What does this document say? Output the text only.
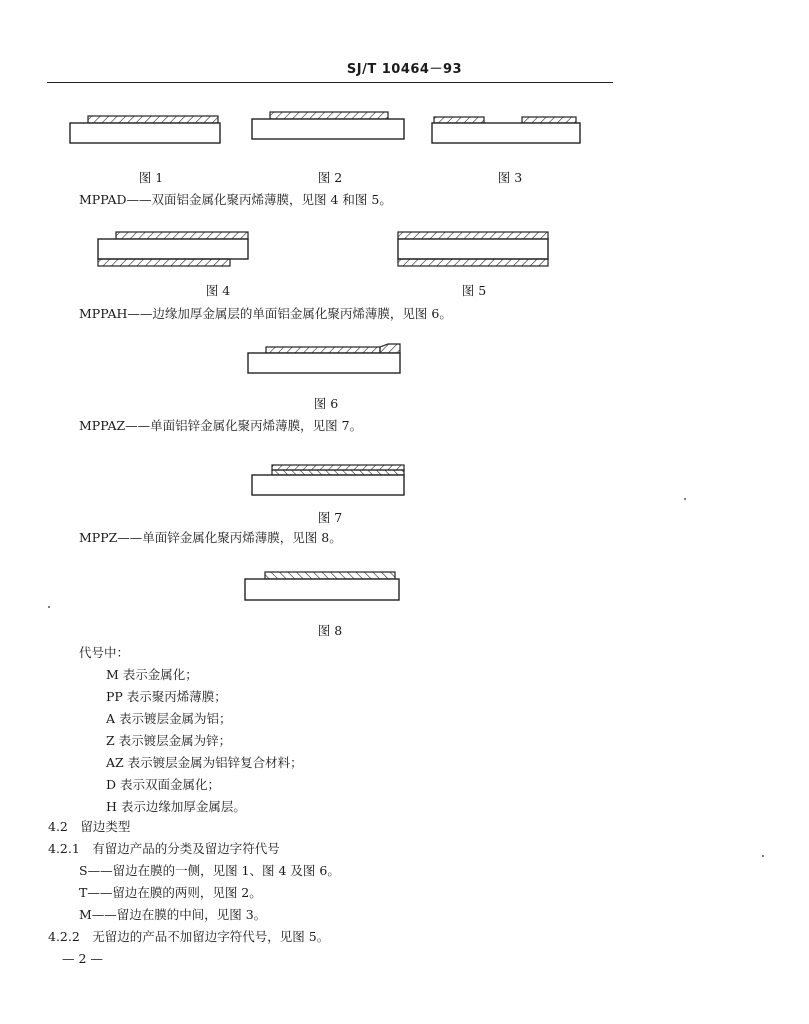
SJ/T 10464－93
图 1	图 2	图 3
MPPAD——双面铝金属化聚丙烯薄膜，见图 4 和图 5。
图 4	图 5
MPPAH——边缘加厚金属层的单面铝金属化聚丙烯薄膜，见图 6。
图 6
MPPAZ——单面铝锌金属化聚丙烯薄膜，见图 7。
图 7
MPPZ——单面锌金属化聚丙烯薄膜，见图 8。
图 8
代号中：
M 表示金属化；
PP 表示聚丙烯薄膜；
A 表示镀层金属为铝；
Z 表示镀层金属为锌；
AZ 表示镀层金属为铝锌复合材料；
D 表示双面金属化；
H 表示边缘加厚金属层。
4.2　留边类型
4.2.1　有留边产品的分类及留边字符代号
S——留边在膜的一侧，见图 1、图 4 及图 6。
T——留边在膜的两则，见图 2。
M——留边在膜的中间，见图 3。
4.2.2　无留边的产品不加留边字符代号，见图 5。
— 2 —
